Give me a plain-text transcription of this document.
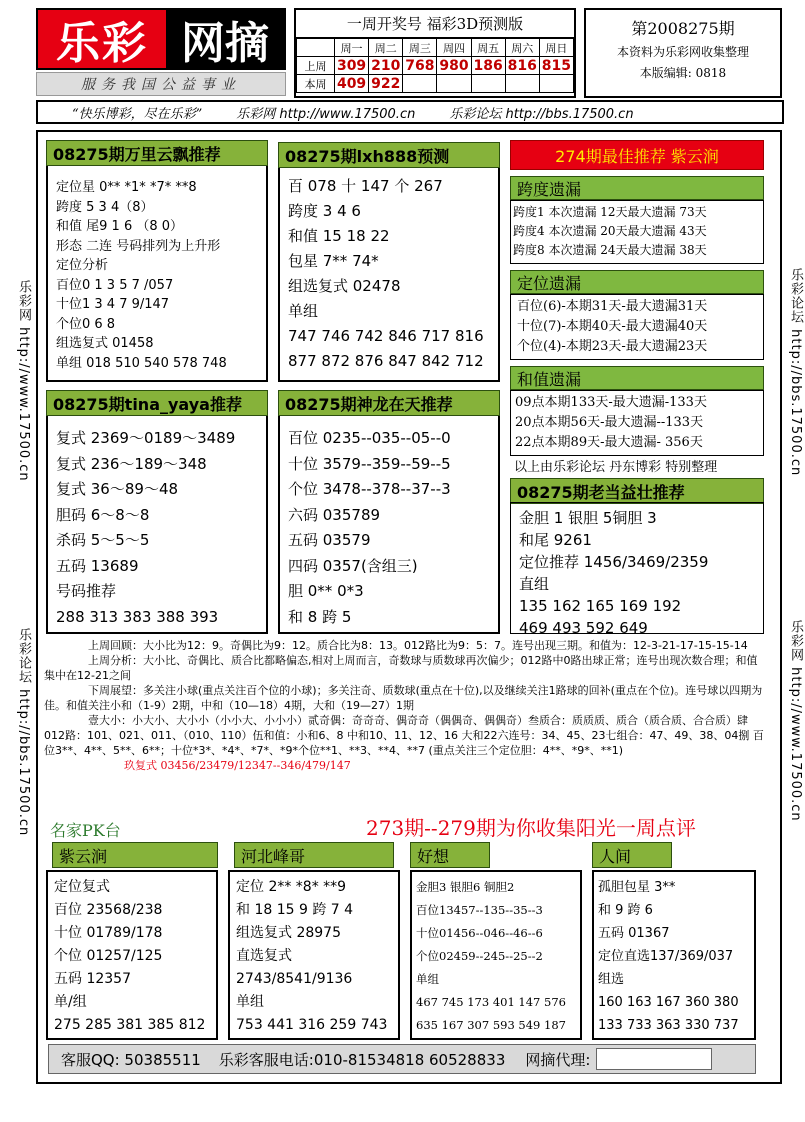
乐彩 网摘
服务我国公益事业
一周开奖号 福彩3D预测版
	周一	周二	周三	周四	周五	周六	周日
上周	309	210	768	980	186	816	815
本周	409	922					
第2008275期
本资料为乐彩网收集整理
本版编辑: 0818
“快乐博彩，尽在乐彩”	乐彩网 http://www.17500.cn	乐彩论坛 http://bbs.17500.cn
乐彩网 http://www.17500.cn
乐彩论坛 http://bbs.17500.cn
乐彩论坛 http://bbs.17500.cn
乐彩网 http://www.17500.cn
定位星 0** *1* *7* **8
跨度 5 3 4（8）
和值 尾9 1 6 （8 0）
形态 二连 号码排列为上升形
定位分析
百位0 1 3 5 7 /057
十位1 3 4 7 9/147
个位0 6 8
组选复式 01458
单组 018 510 540 578 748
08275期万里云飘推荐
百 078 十 147 个 267
跨度 3 4 6
和值 15 18 22
包星 7** 74*
组选复式 02478
单组
747 746 742 846 717 816
877 872 876 847 842 712
08275期lxh888预测
复式 2369～0189～3489
复式 236～189～348
复式 36～89～48
胆码 6～8～8
杀码 5～5～5
五码 13689
号码推荐
288 313 383 388 393
08275期tina_yaya推荐
百位 0235--035--05--0
十位 3579--359--59--5
个位 3478--378--37--3
六码 035789
五码 03579
四码 0357(含组三)
胆 0** 0*3
和 8 跨 5
08275期神龙在天推荐
274期最佳推荐 紫云涧
跨度遗漏
跨度1 本次遗漏 12天最大遗漏 73天
跨度4 本次遗漏 20天最大遗漏 43天
跨度8 本次遗漏 24天最大遗漏 38天
定位遗漏
百位(6)-本期31天-最大遗漏31天
十位(7)-本期40天-最大遗漏40天
个位(4)-本期23天-最大遗漏23天
和值遗漏
09点本期133天-最大遗漏-133天
20点本期56天-最大遗漏--133天
22点本期89天-最大遗漏- 356天
以上由乐彩论坛 丹东博彩 特别整理
08275期老当益壮推荐
金胆 1 银胆 5铜胆 3
和尾 9261
定位推荐 1456/3469/2359
直组
135 162 165 169 192
469 493 592 649
上周回顾：大小比为12：9。奇偶比为9：12。质合比为8：13。012路比为9：5：7。连号出现三期。和值为：12-3-21-17-15-15-14
上周分析：大小比、奇偶比、质合比都略偏态,相对上周而言，奇数球与质数球再次偏少；012路中0路出球正常；连号出现次数合理；和值集中在12-21之间
下周展望：多关注小球(重点关注百个位的小球)；多关注奇、质数球(重点在十位),以及继续关注1路球的回补(重点在个位)。连号球以四期为佳。和值关注小和（1-9）2期，中和（10—18）4期，大和（19—27）1期
壹大小：小大小、大小小（小小大、小小小）贰奇偶：奇奇奇、偶奇奇（偶偶奇、偶偶奇）叁质合：质质质、质合（质合质、合合质）肆012路：101、021、011、（010、110）伍和值：小和6、8 中和10、11、12、16 大和22六连号：34、45、23七组合：47、49、38、04捌 百位3**、4**、5**、6**；十位*3*、*4*、*7*、*9*个位**1、**3、**4、**7 (重点关注三个定位胆：4**、*9*、**1)
玖复式 03456/23479/12347--346/479/147
名家PK台	273期--279期为你收集阳光一周点评
紫云涧
定位复式
百位 23568/238
十位 01789/178
个位 01257/125
五码 12357
单/组
275 285 381 385 812
河北峰哥
定位 2** *8* **9
和 18 15 9 跨 7 4
组选复式 28975
直选复式
2743/8541/9136
单组
753 441 316 259 743
好想
金胆3 银胆6 铜胆2
百位13457--135--35--3
十位01456--046--46--6
个位02459--245--25--2
单组
467 745 173 401 147 576
635 167 307 593 549 187
人间
孤胆包星 3**
和 9 跨 6
五码 01367
定位直选137/369/037
组选
160 163 167 360 380
133 733 363 330 737
客服QQ: 50385511 乐彩客服电话:010-81534818 60528833 网摘代理:
